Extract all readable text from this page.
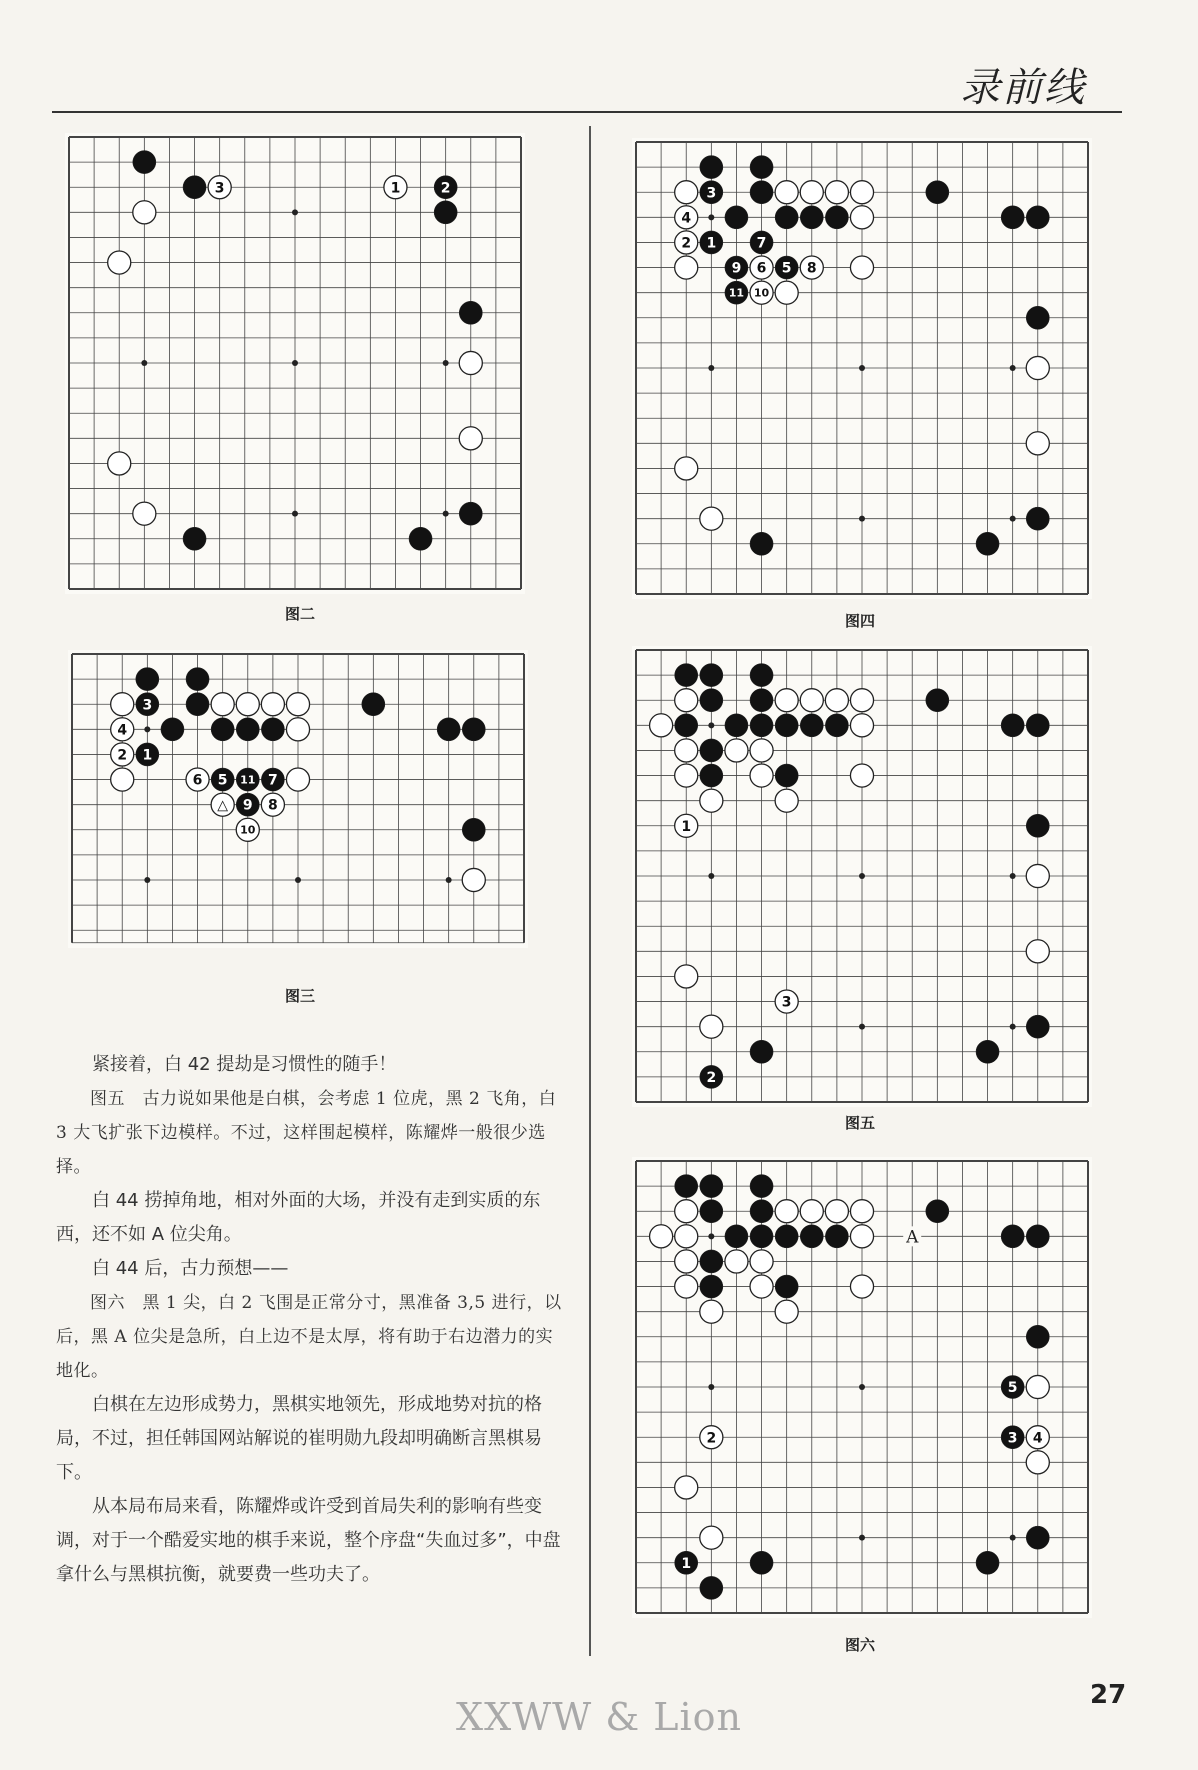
录前线
3	1	2
图二
3
4
2 1
6 5 11 7
△ 9 8
10
图三
3
4
2 1	7
9 6 5 8
11 10
图四
1
3
2
图五
A
5
2	3 4
1
图六

紧接着，白 42 提劫是习惯性的随手！

图五　古力说如果他是白棋，会考虑 1 位虎，黑 2 飞角，白 3 大飞扩张下边模样。不过，这样围起模样，陈耀烨一般很少选择。

白 44 捞掉角地，相对外面的大场，并没有走到实质的东西，还不如 A 位尖角。

白 44 后，古力预想——

图六　黑 1 尖，白 2 飞围是正常分寸，黑准备 3,5 进行，以后，黑 A 位尖是急所，白上边不是太厚，将有助于右边潜力的实地化。

白棋在左边形成势力，黑棋实地领先，形成地势对抗的格局，不过，担任韩国网站解说的崔明勋九段却明确断言黑棋易下。

从本局布局来看，陈耀烨或许受到首局失利的影响有些变调，对于一个酷爱实地的棋手来说，整个序盘“失血过多”，中盘拿什么与黑棋抗衡，就要费一些功夫了。

27
XXWW & Lion
